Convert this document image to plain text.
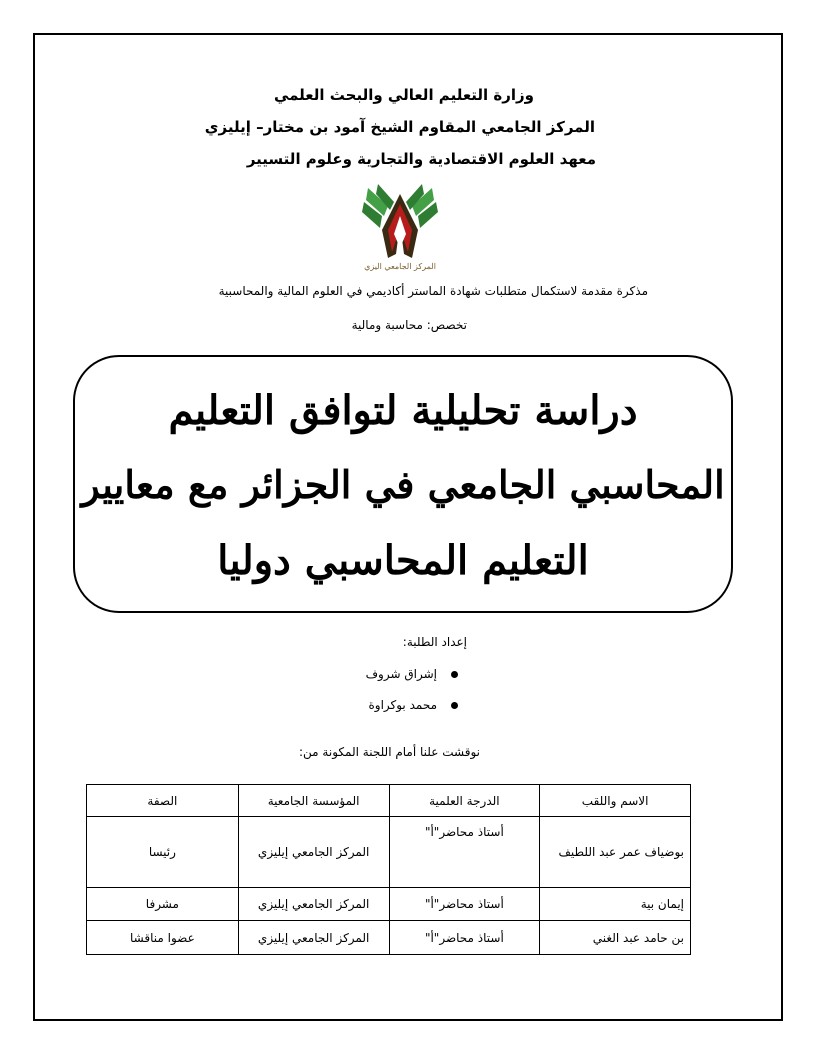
وزارة التعليم العالي والبحث العلمي
المركز الجامعي المقاوم الشيخ آمود بن مختار– إيليزي
معهد العلوم الاقتصادية والتجارية وعلوم التسيير
المركز الجامعي اليزي
مذكرة مقدمة لاستكمال متطلبات شهادة الماستر أكاديمي في العلوم المالية والمحاسبية
تخصص: محاسبة ومالية
دراسة تحليلية لتوافق التعليم
المحاسبي الجامعي في الجزائر مع معايير
التعليم المحاسبي دوليا
إعداد الطلبة:
إشراق شروف
محمد بوكراوة
نوقشت علنا أمام اللجنة المكونة من:
الاسم واللقب	الدرجة العلمية	المؤسسة الجامعية	الصفة
بوضياف عمر عبد اللطيف	أستاذ محاضر"أ"	المركز الجامعي إيليزي	رئيسا
إيمان بية	أستاذ محاضر"أ"	المركز الجامعي إيليزي	مشرفا
بن حامد عبد الغني	أستاذ محاضر"أ"	المركز الجامعي إيليزي	عضوا مناقشا
